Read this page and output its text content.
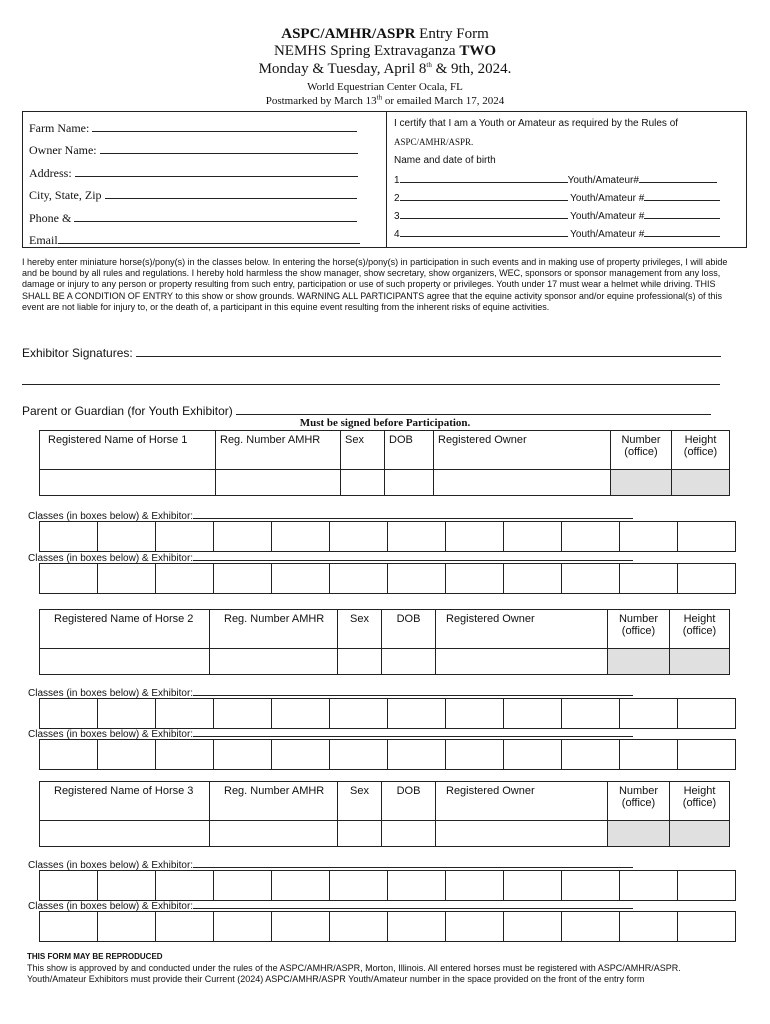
ASPC/AMHR/ASPR Entry Form
NEMHS Spring Extravaganza TWO
Monday & Tuesday, April 8th & 9th, 2024.
World Equestrian Center Ocala, FL
Postmarked by March 13th or emailed March 17, 2024
Farm Name:
Owner Name:
Address:
City, State, Zip
Phone &
Email
I certify that I am a Youth or Amateur as required by the Rules of
ASPC/AMHR/ASPR.
Name and date of birth
1	Youth/Amateur#
2	Youth/Amateur #
3	Youth/Amateur #
4	Youth/Amateur #
I hereby enter miniature horse(s)/pony(s) in the classes below. In entering the horse(s)/pony(s) in participation in such events and in making use of property privileges, I will abide and be bound by all rules and regulations. I hereby hold harmless the show manager, show secretary, show organizers, WEC, sponsors or sponsor management from any loss, damage or injury to any person or property resulting from such entry, participation or use of such property or privileges. Youth under 17 must wear a helmet while driving. THIS SHALL BE A CONDITION OF ENTRY to this show or show grounds. WARNING ALL PARTICIPANTS agree that the equine activity sponsor and/or equine professional(s) of this event are not liable for injury to, or the death of, a participant in this equine event resulting from the inherent risks of equine activities.
Exhibitor Signatures:
Parent or Guardian (for Youth Exhibitor)
Must be signed before Participation.
Registered Name of Horse 1	Reg. Number AMHR	Sex	DOB	Registered Owner	Number (office)	Height (office)

Classes (in boxes below) & Exhibitor:

Classes (in boxes below) & Exhibitor:

Registered Name of Horse 2	Reg. Number AMHR	Sex	DOB	Registered Owner	Number (office)	Height (office)

Classes (in boxes below) & Exhibitor:

Classes (in boxes below) & Exhibitor:

Registered Name of Horse 3	Reg. Number AMHR	Sex	DOB	Registered Owner	Number (office)	Height (office)

Classes (in boxes below) & Exhibitor:

Classes (in boxes below) & Exhibitor:

THIS FORM MAY BE REPRODUCED
This show is approved by and conducted under the rules of the ASPC/AMHR/ASPR, Morton, Illinois. All entered horses must be registered with ASPC/AMHR/ASPR. Youth/Amateur Exhibitors must provide their Current (2024) ASPC/AMHR/ASPR Youth/Amateur number in the space provided on the front of the entry form
